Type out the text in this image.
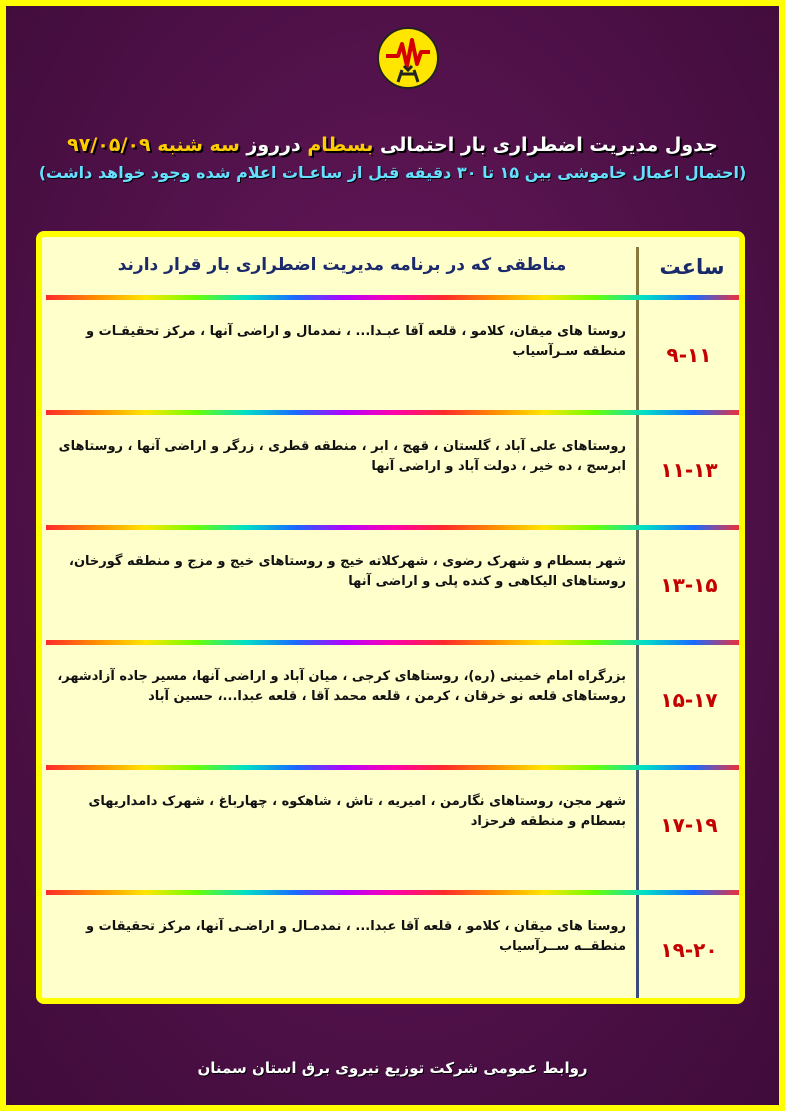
جدول مدیریت اضطراری بار احتمالی بسطام درروز سه شنبه ۹۷/۰۵/۰۹
(احتمال اعمال خاموشی بین ۱۵ تا ۳۰ دقیقه قبل از ساعـات اعلام شده وجود خواهد داشت)
ساعت
مناطقی که در برنامه مدیریت اضطراری بار قرار دارند
۹-۱۱
روستا های میقان، کلامو ، قلعه آقا عبـدا... ، نمدمال و اراضی آنها ، مرکز تحقیقـات و منطقه سـرآسیاب
۱۱-۱۳
روستاهای علی آباد ، گلستان ، قهج ، ابر ، منطقه قطری ، زرگر و اراضی آنها ، روستاهای ابرسج ، ده خیر ، دولت آباد و اراضی آنها
۱۳-۱۵
شهر بسطام و شهرک رضوی ، شهرکلاته خیج و روستاهای خیج و مزج و منطقه گورخان، روستاهای الیکاهی و کنده پلی و اراضی آنها
۱۵-۱۷
بزرگراه امام خمینی (ره)، روستاهای کرجی ، میان آباد و اراضی آنها، مسیر جاده آزادشهر، روستاهای قلعه نو خرقان ، کرمن ، قلعه محمد آقا ، قلعه عبدا...، حسین آباد
۱۷-۱۹
شهر مجن، روستاهای نگارمن ، امیریه ، تاش ، شاهکوه ، چهارباغ ، شهرک دامداریهای بسطام و منطقه فرحزاد
۱۹-۲۰
روستا های میقان ، کلامو ، قلعه آقا عبدا... ، نمدمـال و اراضـی آنها، مرکز تحقیقات و منطقــه ســرآسیاب
روابط عمومی شرکت توزیع نیروی برق استان سمنان
